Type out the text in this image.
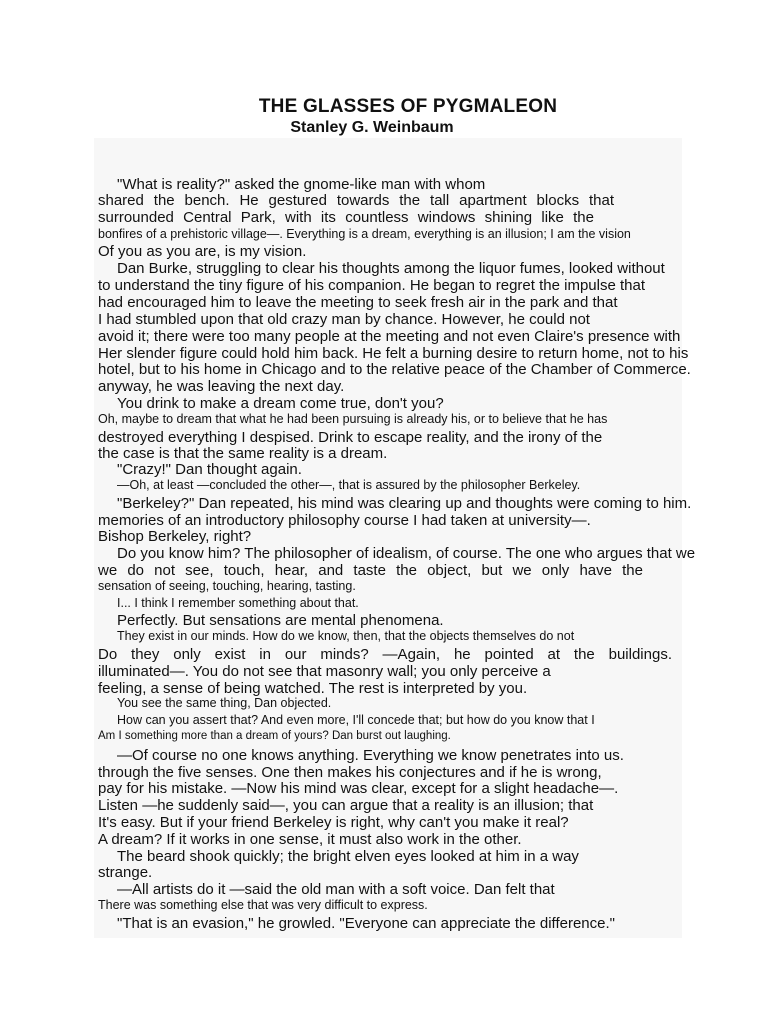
THE GLASSES OF PYGMALEON
Stanley G. Weinbaum
"What is reality?" asked the gnome-like man with whom
shared the bench. He gestured towards the tall apartment blocks that
surrounded Central Park, with its countless windows shining like the
bonfires of a prehistoric village—. Everything is a dream, everything is an illusion; I am the vision
Of you as you are, is my vision.
Dan Burke, struggling to clear his thoughts among the liquor fumes, looked without
to understand the tiny figure of his companion. He began to regret the impulse that
had encouraged him to leave the meeting to seek fresh air in the park and that
I had stumbled upon that old crazy man by chance. However, he could not
avoid it; there were too many people at the meeting and not even Claire's presence with
Her slender figure could hold him back. He felt a burning desire to return home, not to his
hotel, but to his home in Chicago and to the relative peace of the Chamber of Commerce.
anyway, he was leaving the next day.
You drink to make a dream come true, don't you?
Oh, maybe to dream that what he had been pursuing is already his, or to believe that he has
destroyed everything I despised. Drink to escape reality, and the irony of the
the case is that the same reality is a dream.
"Crazy!" Dan thought again.
—Oh, at least —concluded the other—, that is assured by the philosopher Berkeley.
"Berkeley?" Dan repeated, his mind was clearing up and thoughts were coming to him.
memories of an introductory philosophy course I had taken at university—.
Bishop Berkeley, right?
Do you know him? The philosopher of idealism, of course. The one who argues that we
we do not see, touch, hear, and taste the object, but we only have the
sensation of seeing, touching, hearing, tasting.
I... I think I remember something about that.
Perfectly. But sensations are mental phenomena.
They exist in our minds. How do we know, then, that the objects themselves do not
Do they only exist in our minds? —Again, he pointed at the buildings.
illuminated—. You do not see that masonry wall; you only perceive a
feeling, a sense of being watched. The rest is interpreted by you.
You see the same thing, Dan objected.
How can you assert that? And even more, I'll concede that; but how do you know that I
Am I something more than a dream of yours? Dan burst out laughing.
—Of course no one knows anything. Everything we know penetrates into us.
through the five senses. One then makes his conjectures and if he is wrong,
pay for his mistake. —Now his mind was clear, except for a slight headache—.
Listen —he suddenly said—, you can argue that a reality is an illusion; that
It's easy. But if your friend Berkeley is right, why can't you make it real?
A dream? If it works in one sense, it must also work in the other.
The beard shook quickly; the bright elven eyes looked at him in a way
strange.
—All artists do it —said the old man with a soft voice. Dan felt that
There was something else that was very difficult to express.
"That is an evasion," he growled. "Everyone can appreciate the difference."
